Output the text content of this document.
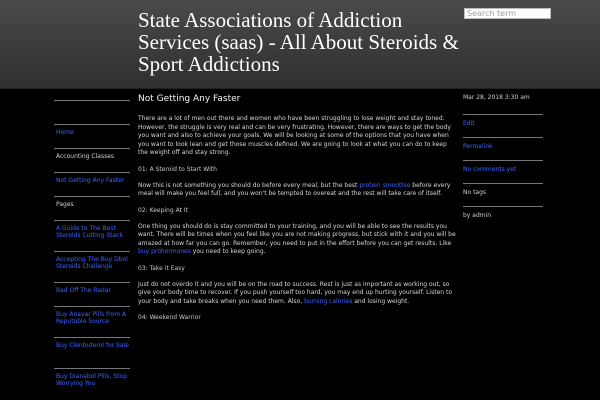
State Associations of Addiction Services (saas) - All About Steroids & Sport Addictions
Search term
Home
Accounting Classes
Not Getting Any Faster
Pages
A Guide to The Best Steroids Cutting Stack
Accepting The Buy Dbol Steroids Challenge
Bad Off The Radar
Buy Anavar Pills from A Reputable Source
Buy Clenbuterol for Sale
Buy Dianabol Pills, Stop Worrying You
Not Getting Any Faster
There are a lot of men out there and women who have been struggling to lose weight and stay toned. However, the struggle is very real and can be very frustrating. However, there are ways to get the body you want and also to achieve your goals. We will be looking at some of the options that you have when you want to look lean and get those muscles defined. We are going to look at what you can do to keep the weight off and stay strong.
01: A Steroid to Start With
Now this is not something you should do before every meal, but the best protein smoothie before every meal will make you feel full, and you won't be tempted to overeat and the rest will take care of itself.
02: Keeping At It
One thing you should do is stay committed to your training, and you will be able to see the results you want. There will be times when you feel like you are not making progress, but stick with it and you will be amazed at how far you can go. Remember, you need to put in the effort before you can get results. Like buy prohormones you need to keep going.
03: Take it Easy
Just do not overdo it and you will be on the road to success. Rest is just as important as working out, so give your body time to recover. If you push yourself too hard, you may end up hurting yourself. Listen to your body and take breaks when you need them. Also, burning calories and losing weight.
04: Weekend Warrior
Mar 28, 2018 3:30 am
Edit
Permalink
No comments yet
No tags
by admin
